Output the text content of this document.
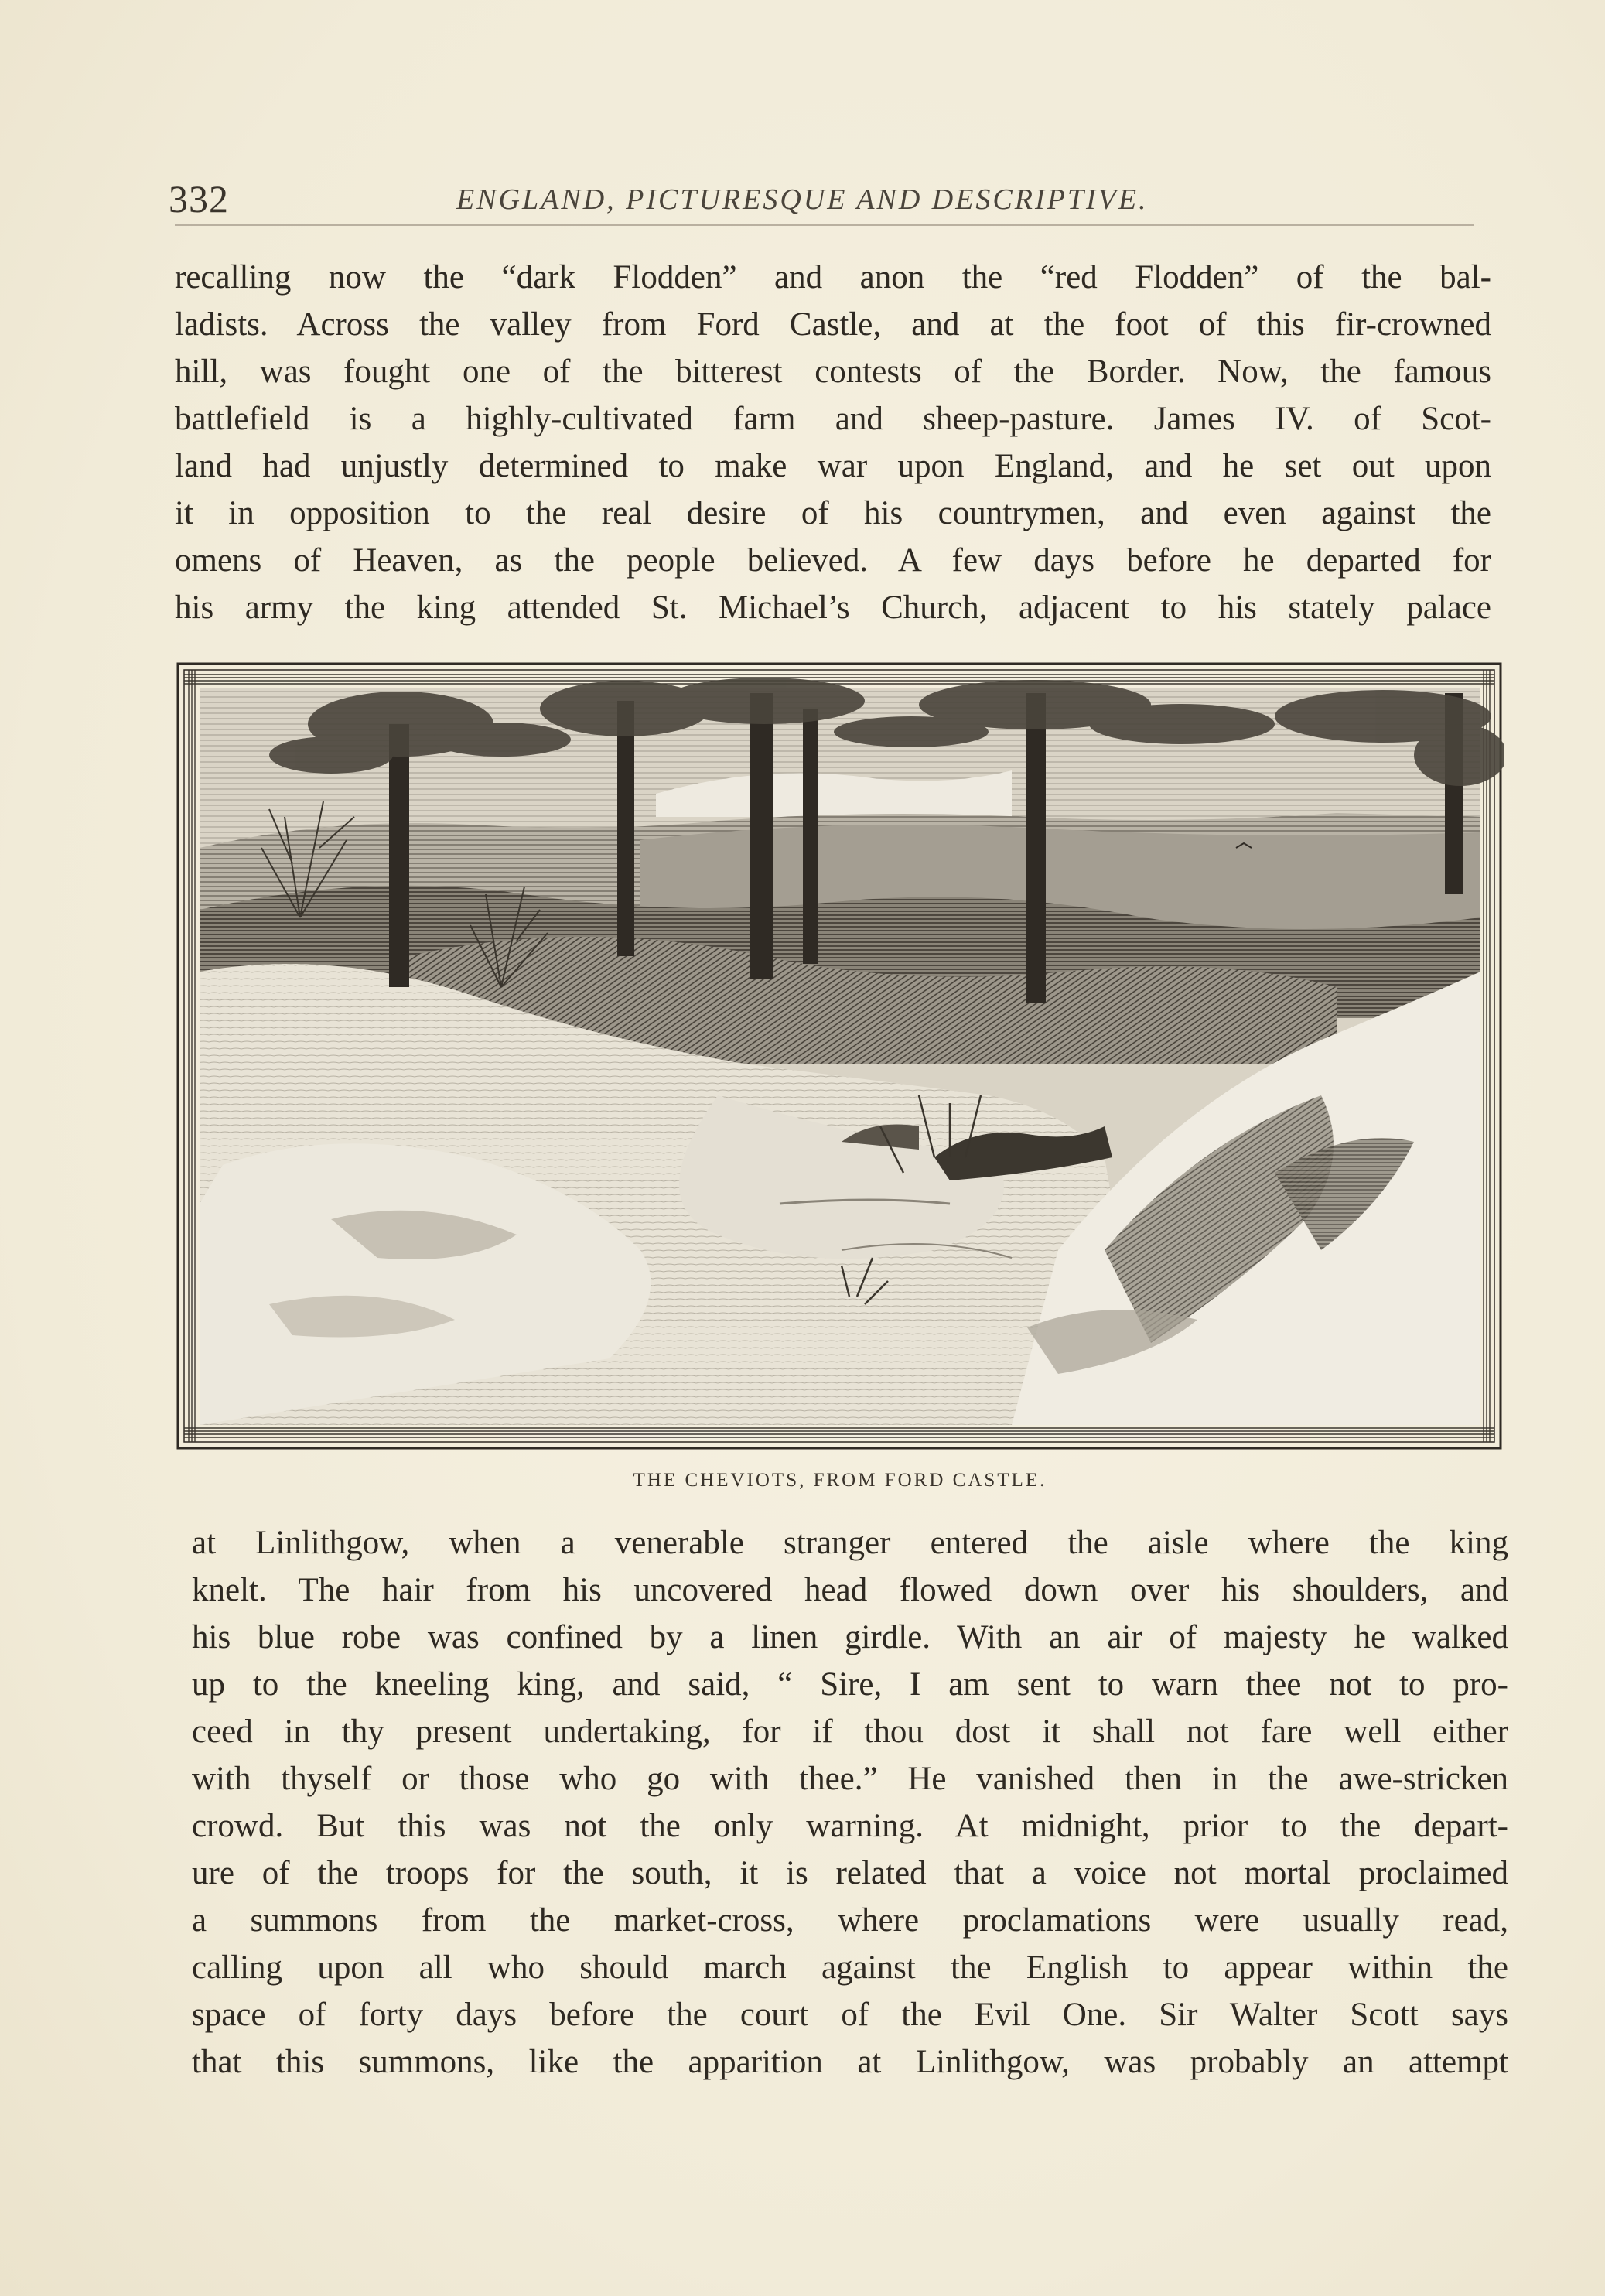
332	ENGLAND, PICTURESQUE AND DESCRIPTIVE.
recalling now the “dark Flodden” and anon the “red Flodden” of the bal-
ladists. Across the valley from Ford Castle, and at the foot of this fir-crowned
hill, was fought one of the bitterest contests of the Border. Now, the famous
battlefield is a highly-cultivated farm and sheep-pasture. James IV. of Scot-
land had unjustly determined to make war upon England, and he set out upon
it in opposition to the real desire of his countrymen, and even against the
omens of Heaven, as the people believed. A few days before he departed for
his army the king attended St. Michael’s Church, adjacent to his stately palace
THE CHEVIOTS, FROM FORD CASTLE.
at Linlithgow, when a venerable stranger entered the aisle where the king
knelt. The hair from his uncovered head flowed down over his shoulders, and
his blue robe was confined by a linen girdle. With an air of majesty he walked
up to the kneeling king, and said, “ Sire, I am sent to warn thee not to pro-
ceed in thy present undertaking, for if thou dost it shall not fare well either
with thyself or those who go with thee.” He vanished then in the awe-stricken
crowd. But this was not the only warning. At midnight, prior to the depart-
ure of the troops for the south, it is related that a voice not mortal proclaimed
a summons from the market-cross, where proclamations were usually read,
calling upon all who should march against the English to appear within the
space of forty days before the court of the Evil One. Sir Walter Scott says
that this summons, like the apparition at Linlithgow, was probably an attempt
